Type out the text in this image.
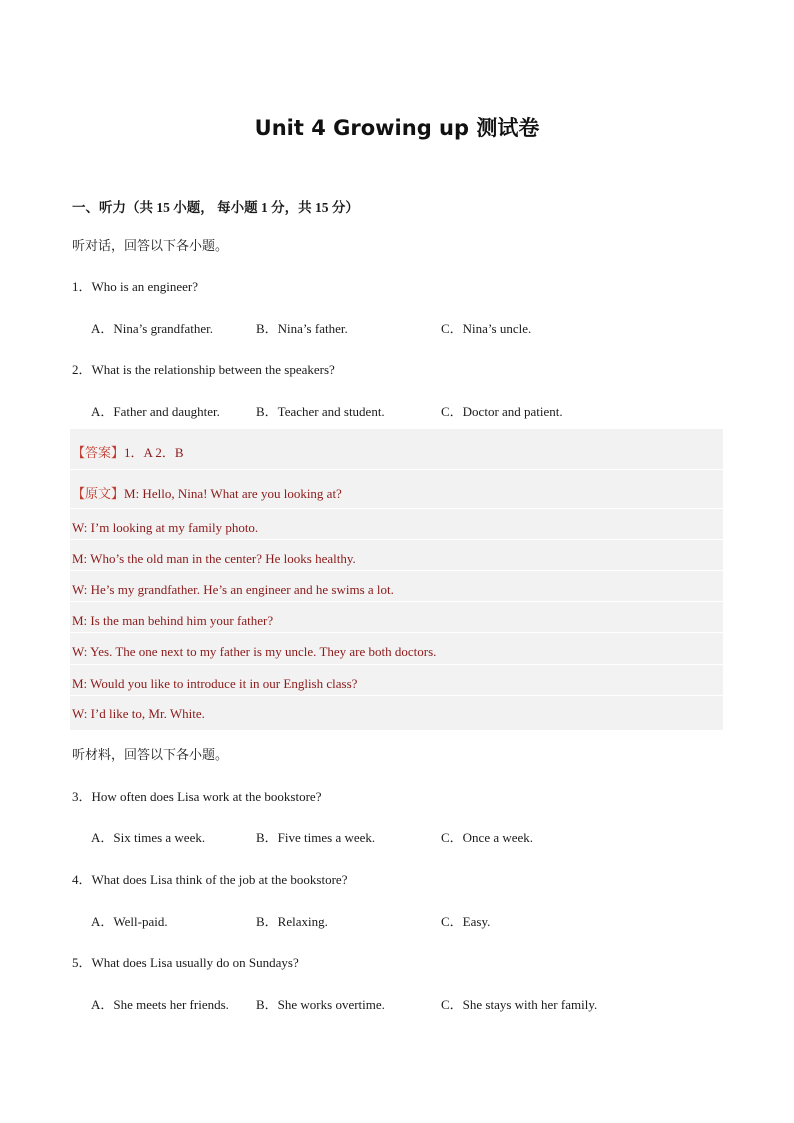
Unit 4 Growing up 测试卷
一、听力（共 15 小题， 每小题 1 分，共 15 分）
听对话，回答以下各小题。
1．Who is an engineer?
A．Nina’s grandfather.	B．Nina’s father.	C．Nina’s uncle.
2．What is the relationship between the speakers?
A．Father and daughter.	B．Teacher and student.	C．Doctor and patient.
【答案】1．A 2．B
【原文】M: Hello, Nina! What are you looking at?
W: I’m looking at my family photo.
M: Who’s the old man in the center? He looks healthy.
W: He’s my grandfather. He’s an engineer and he swims a lot.
M: Is the man behind him your father?
W: Yes. The one next to my father is my uncle. They are both doctors.
M: Would you like to introduce it in our English class?
W: I’d like to, Mr. White.
听材料，回答以下各小题。
3．How often does Lisa work at the bookstore?
A．Six times a week.	B．Five times a week.	C．Once a week.
4．What does Lisa think of the job at the bookstore?
A．Well-paid.	B．Relaxing.	C．Easy.
5．What does Lisa usually do on Sundays?
A．She meets her friends. B．She works overtime.	C．She stays with her family.
